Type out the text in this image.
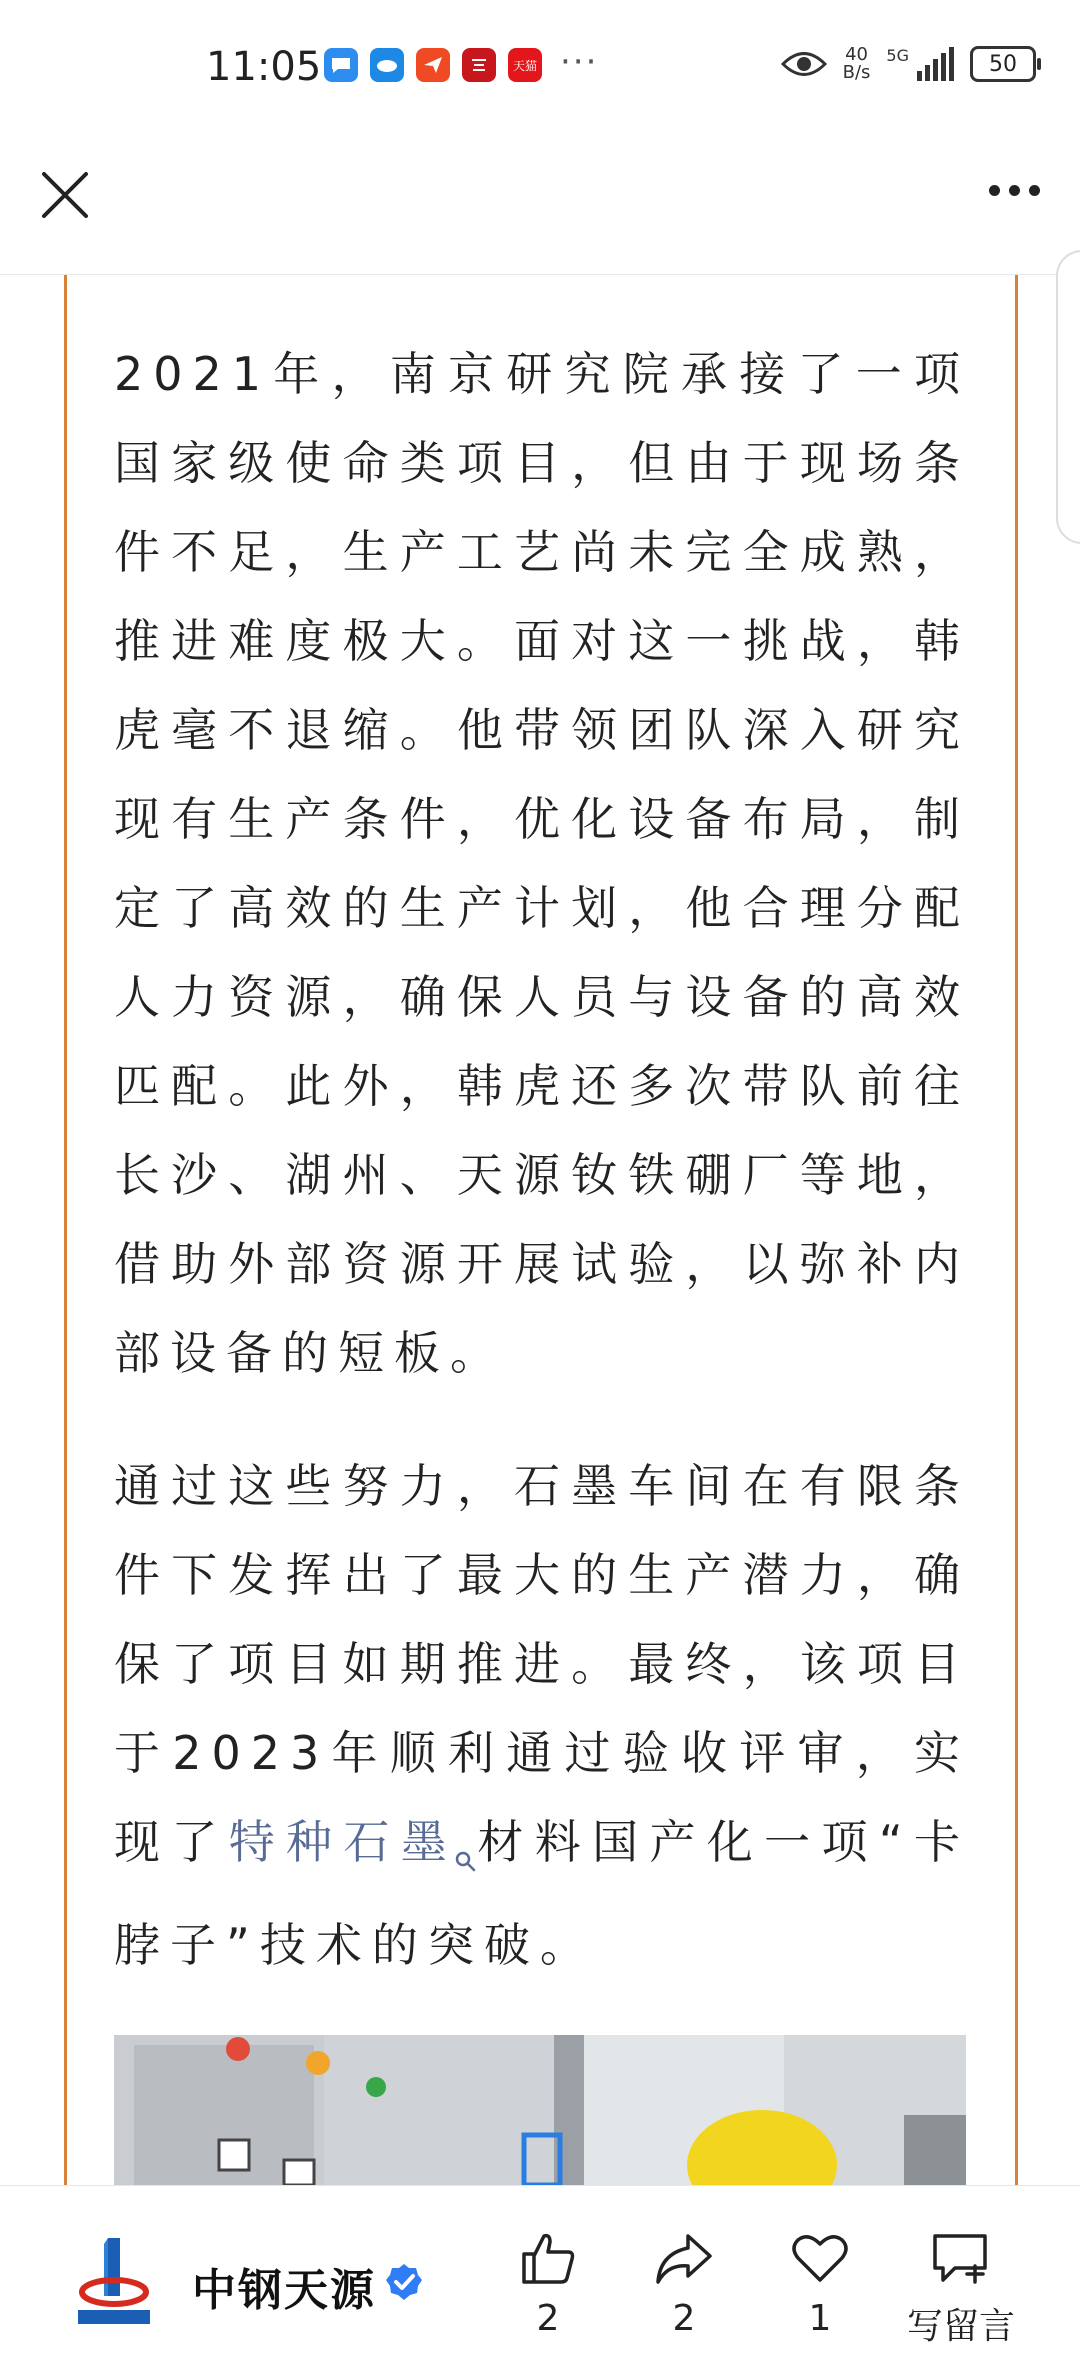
11:05	天猫 ···	40
B/s
5G	50

2021年，南京研究院承接了一项国家级使命类项目，但由于现场条件不足，生产工艺尚未完全成熟，推进难度极大。面对这一挑战，韩虎毫不退缩。他带领团队深入研究现有生产条件，优化设备布局，制定了高效的生产计划，他合理分配人力资源，确保人员与设备的高效匹配。此外，韩虎还多次带队前往长沙、湖州、天源钕铁硼厂等地，借助外部资源开展试验，以弥补内部设备的短板。

通过这些努力，石墨车间在有限条件下发挥出了最大的生产潜力，确保了项目如期推进。最终，该项目于2023年顺利通过验收评审，实现了特种石墨 材料国产化一项“卡脖子”技术的突破。

中钢天源
2	2	1	写留言
